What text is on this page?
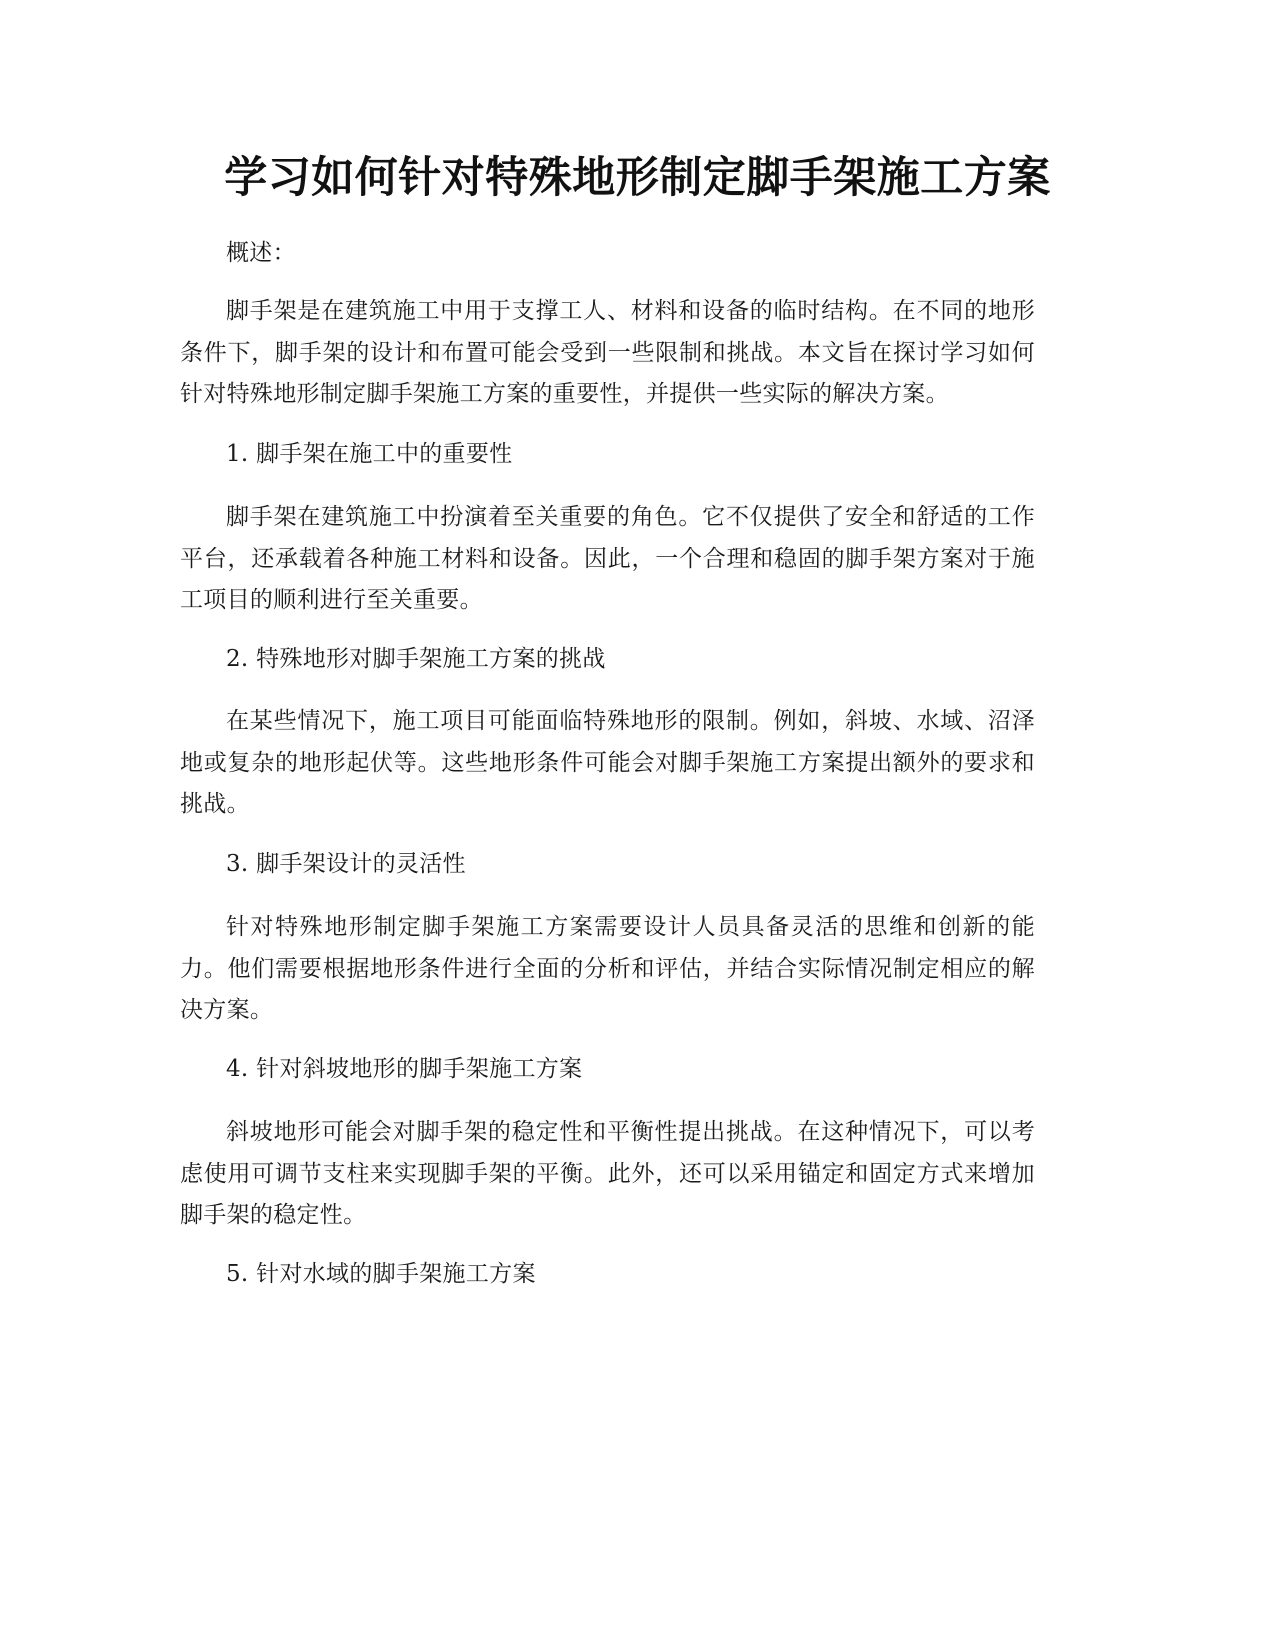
学习如何针对特殊地形制定脚手架施工方案

概述：

脚手架是在建筑施工中用于支撑工人、材料和设备的临时结构。在不同的地形条件下，脚手架的设计和布置可能会受到一些限制和挑战。本文旨在探讨学习如何针对特殊地形制定脚手架施工方案的重要性，并提供一些实际的解决方案。

1. 脚手架在施工中的重要性

脚手架在建筑施工中扮演着至关重要的角色。它不仅提供了安全和舒适的工作平台，还承载着各种施工材料和设备。因此，一个合理和稳固的脚手架方案对于施工项目的顺利进行至关重要。

2. 特殊地形对脚手架施工方案的挑战

在某些情况下，施工项目可能面临特殊地形的限制。例如，斜坡、水域、沼泽地或复杂的地形起伏等。这些地形条件可能会对脚手架施工方案提出额外的要求和挑战。

3. 脚手架设计的灵活性

针对特殊地形制定脚手架施工方案需要设计人员具备灵活的思维和创新的能力。他们需要根据地形条件进行全面的分析和评估，并结合实际情况制定相应的解决方案。

4. 针对斜坡地形的脚手架施工方案

斜坡地形可能会对脚手架的稳定性和平衡性提出挑战。在这种情况下，可以考虑使用可调节支柱来实现脚手架的平衡。此外，还可以采用锚定和固定方式来增加脚手架的稳定性。

5. 针对水域的脚手架施工方案
